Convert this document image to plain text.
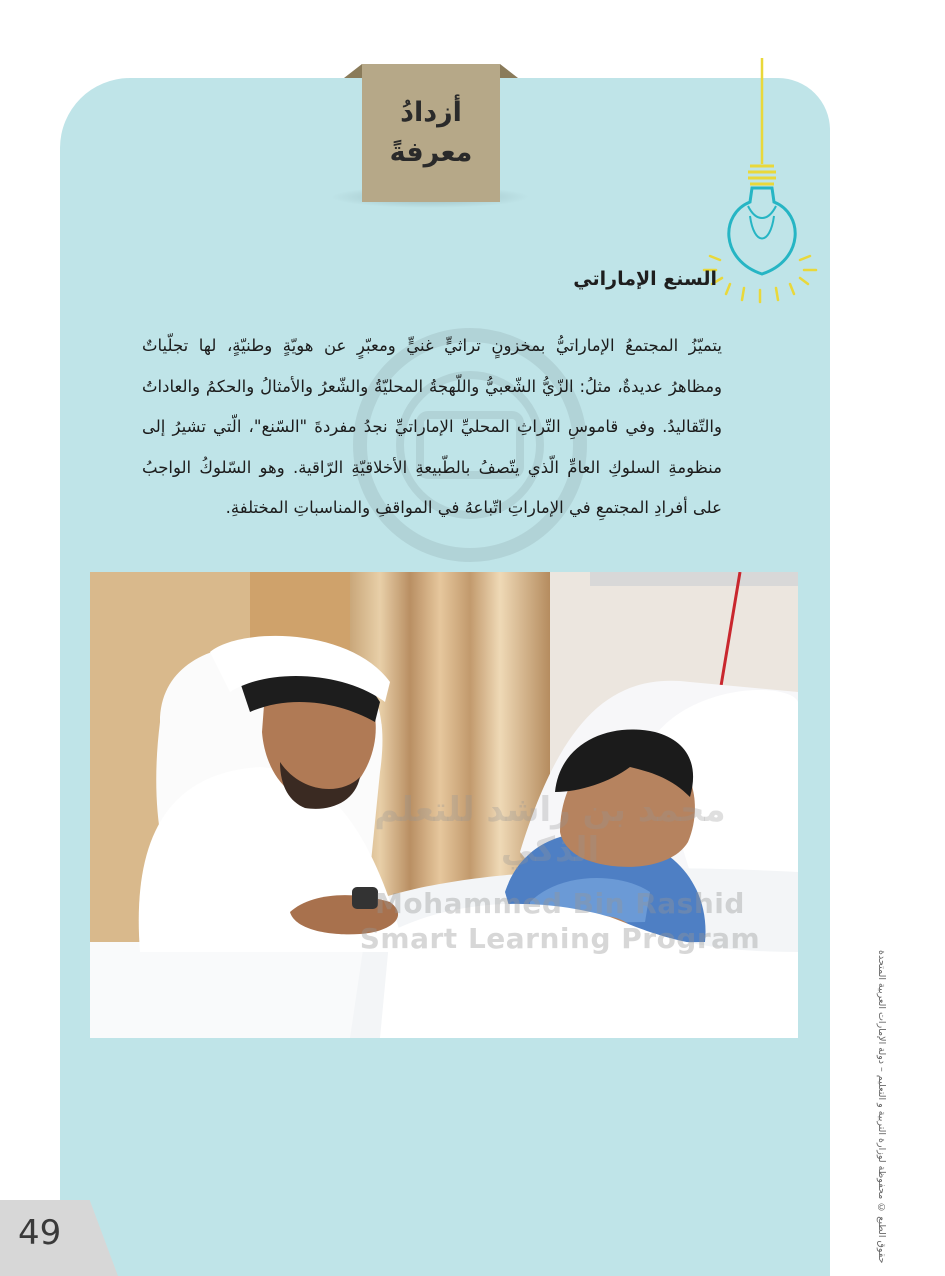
أزدادُ
معرفةً
السنع الإماراتي

يتميّزُ المجتمعُ الإماراتيُّ بمخزونٍ تراثيٍّ غنيٍّ ومعبّرٍ عن هويّةٍ وطنيّةٍ، لها تجلّياتٌ ومظاهرُ عديدةٌ، مثلُ: الزّيُّ الشّعبيُّ واللّهجةُ المحليّةُ والشّعرُ والأمثالُ والحكمُ والعاداتُ والتّقاليدُ. وفي قاموسِ التّراثِ المحليِّ الإماراتيِّ نجدُ مفردةَ "السّنع"، الّتي تشيرُ إلى منظومةِ السلوكِ العامِّ الّذي يتّصفُ بالطّبيعةِ الأخلاقيّةِ الرّاقية. وهو السّلوكُ الواجبُ على أفرادِ المجتمعِ في الإماراتِ اتّباعهُ في المواقفِ والمناسباتِ المختلفةِ.

محمد بن راشد للتعلم الذكي
Mohammed Bin Rashid
Smart Learning Program
49	حقوق الطبع © محفوظة لوزارة التربية و التعليم – دولة الإمارات العربية المتحدة
